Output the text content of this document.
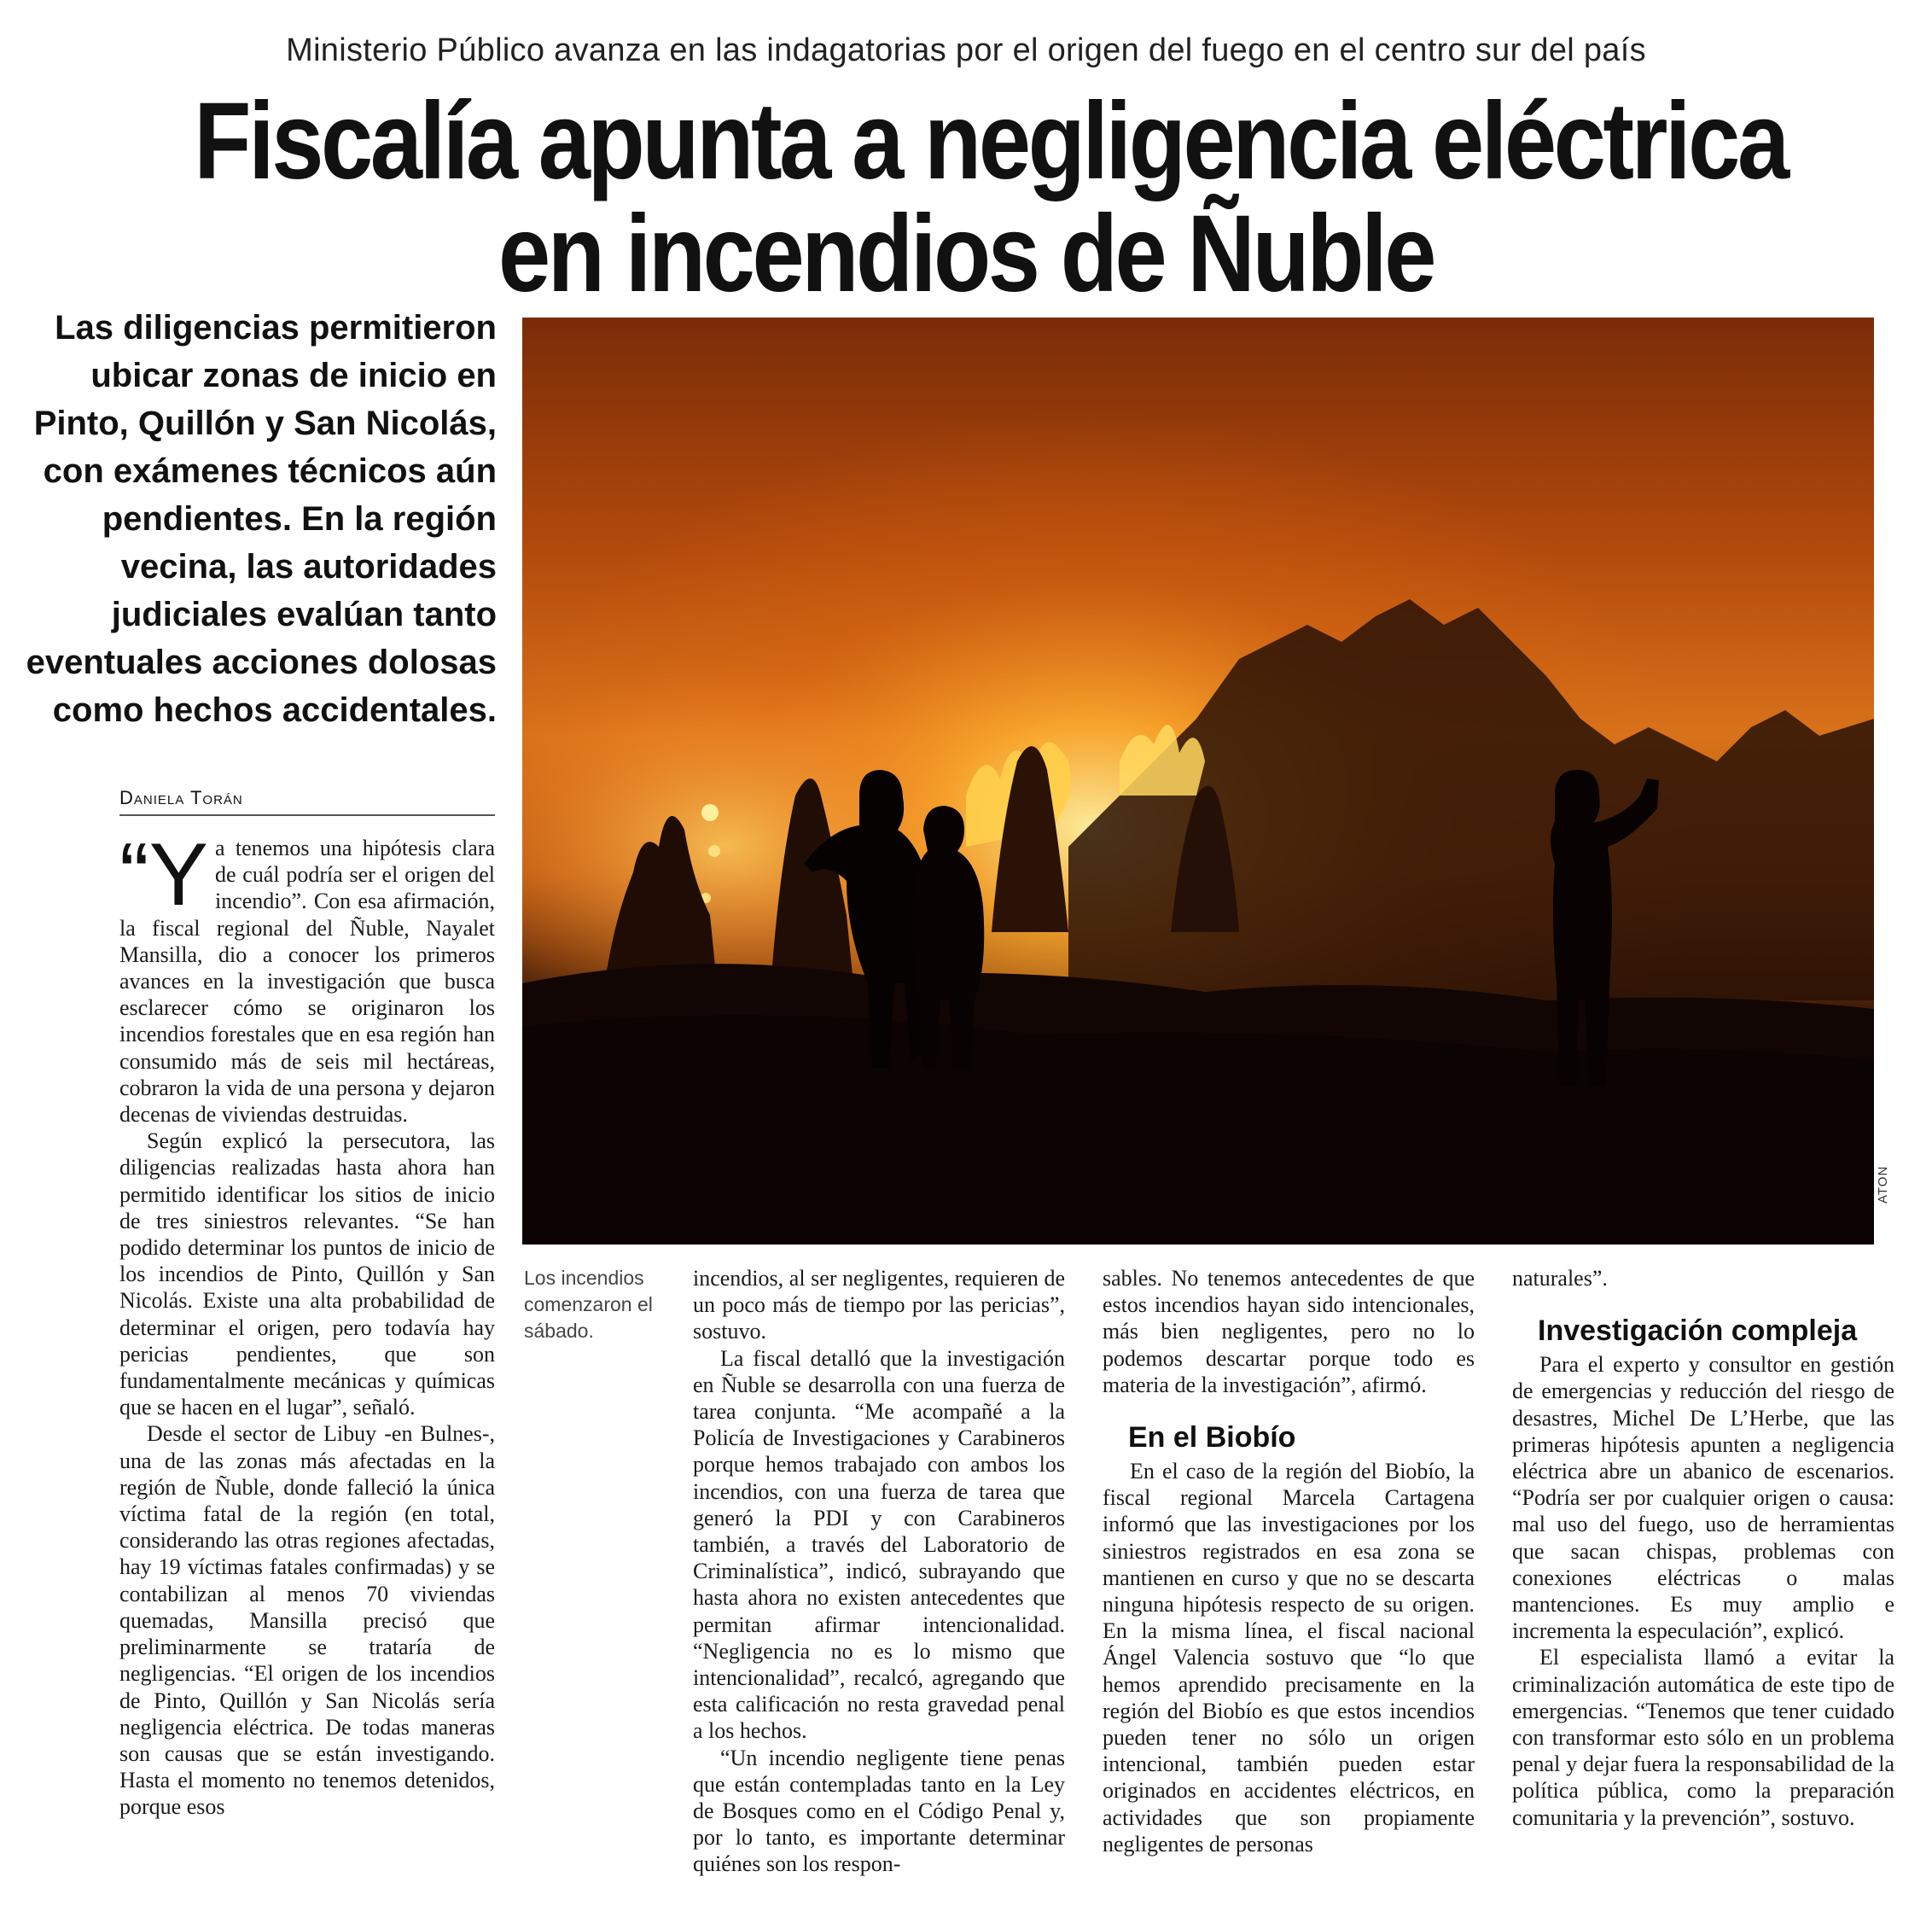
Ministerio Público avanza en las indagatorias por el origen del fuego en el centro sur del país
Fiscalía apunta a negligencia eléctrica
en incendios de Ñuble
Las diligencias permitieron ubicar zonas de inicio en Pinto, Quillón y San Nicolás, con exámenes técnicos aún pendientes. En la región vecina, las autoridades judiciales evalúan tanto eventuales acciones dolosas como hechos accidentales.
Daniela Torán
ATON
Los incendios comenzaron el sábado.

“Ya tenemos una hipótesis clara de cuál podría ser el origen del incendio”. Con esa afirmación, la fiscal regional del Ñuble, Nayalet Mansilla, dio a conocer los primeros avances en la investigación que busca esclarecer cómo se originaron los incendios forestales que en esa región han consumido más de seis mil hectáreas, cobraron la vida de una persona y dejaron decenas de viviendas destruidas.

Según explicó la persecutora, las diligencias realizadas hasta ahora han permitido identificar los sitios de inicio de tres siniestros relevantes. “Se han podido determinar los puntos de inicio de los incendios de Pinto, Quillón y San Nicolás. Existe una alta probabilidad de determinar el origen, pero todavía hay pericias pendientes, que son fundamentalmente mecánicas y químicas que se hacen en el lugar”, señaló.

Desde el sector de Libuy -en Bulnes-, una de las zonas más afectadas en la región de Ñuble, donde falleció la única víctima fatal de la región (en total, considerando las otras regiones afectadas, hay 19 víctimas fatales confirmadas) y se contabilizan al menos 70 viviendas quemadas, Mansilla precisó que preliminarmente se trataría de negligencias. “El origen de los incendios de Pinto, Quillón y San Nicolás sería negligencia eléctrica. De todas maneras son causas que se están investigando. Hasta el momento no tenemos detenidos, porque esos

incendios, al ser negligentes, requieren de un poco más de tiempo por las pericias”, sostuvo.

La fiscal detalló que la investigación en Ñuble se desarrolla con una fuerza de tarea conjunta. “Me acompañé a la Policía de Investigaciones y Carabineros porque hemos trabajado con ambos los incendios, con una fuerza de tarea que generó la PDI y con Carabineros también, a través del Laboratorio de Criminalística”, indicó, subrayando que hasta ahora no existen antecedentes que permitan afirmar intencionalidad. “Negligencia no es lo mismo que intencionalidad”, recalcó, agregando que esta calificación no resta gravedad penal a los hechos.

“Un incendio negligente tiene penas que están contempladas tanto en la Ley de Bosques como en el Código Penal y, por lo tanto, es importante determinar quiénes son los respon-

sables. No tenemos antecedentes de que estos incendios hayan sido intencionales, más bien negligentes, pero no lo podemos descartar porque todo es materia de la investigación”, afirmó.

En el Biobío

En el caso de la región del Biobío, la fiscal regional Marcela Cartagena informó que las investigaciones por los siniestros registrados en esa zona se mantienen en curso y que no se descarta ninguna hipótesis respecto de su origen. En la misma línea, el fiscal nacional Ángel Valencia sostuvo que “lo que hemos aprendido precisamente en la región del Biobío es que estos incendios pueden tener no sólo un origen intencional, también pueden estar originados en accidentes eléctricos, en actividades que son propiamente negligentes de personas

naturales”.

Investigación compleja

Para el experto y consultor en gestión de emergencias y reducción del riesgo de desastres, Michel De L’Herbe, que las primeras hipótesis apunten a negligencia eléctrica abre un abanico de escenarios. “Podría ser por cualquier origen o causa: mal uso del fuego, uso de herramientas que sacan chispas, problemas con conexiones eléctricas o malas mantenciones. Es muy amplio e incrementa la especulación”, explicó.

El especialista llamó a evitar la criminalización automática de este tipo de emergencias. “Tenemos que tener cuidado con transformar esto sólo en un problema penal y dejar fuera la responsabilidad de la política pública, como la preparación comunitaria y la prevención”, sostuvo.
